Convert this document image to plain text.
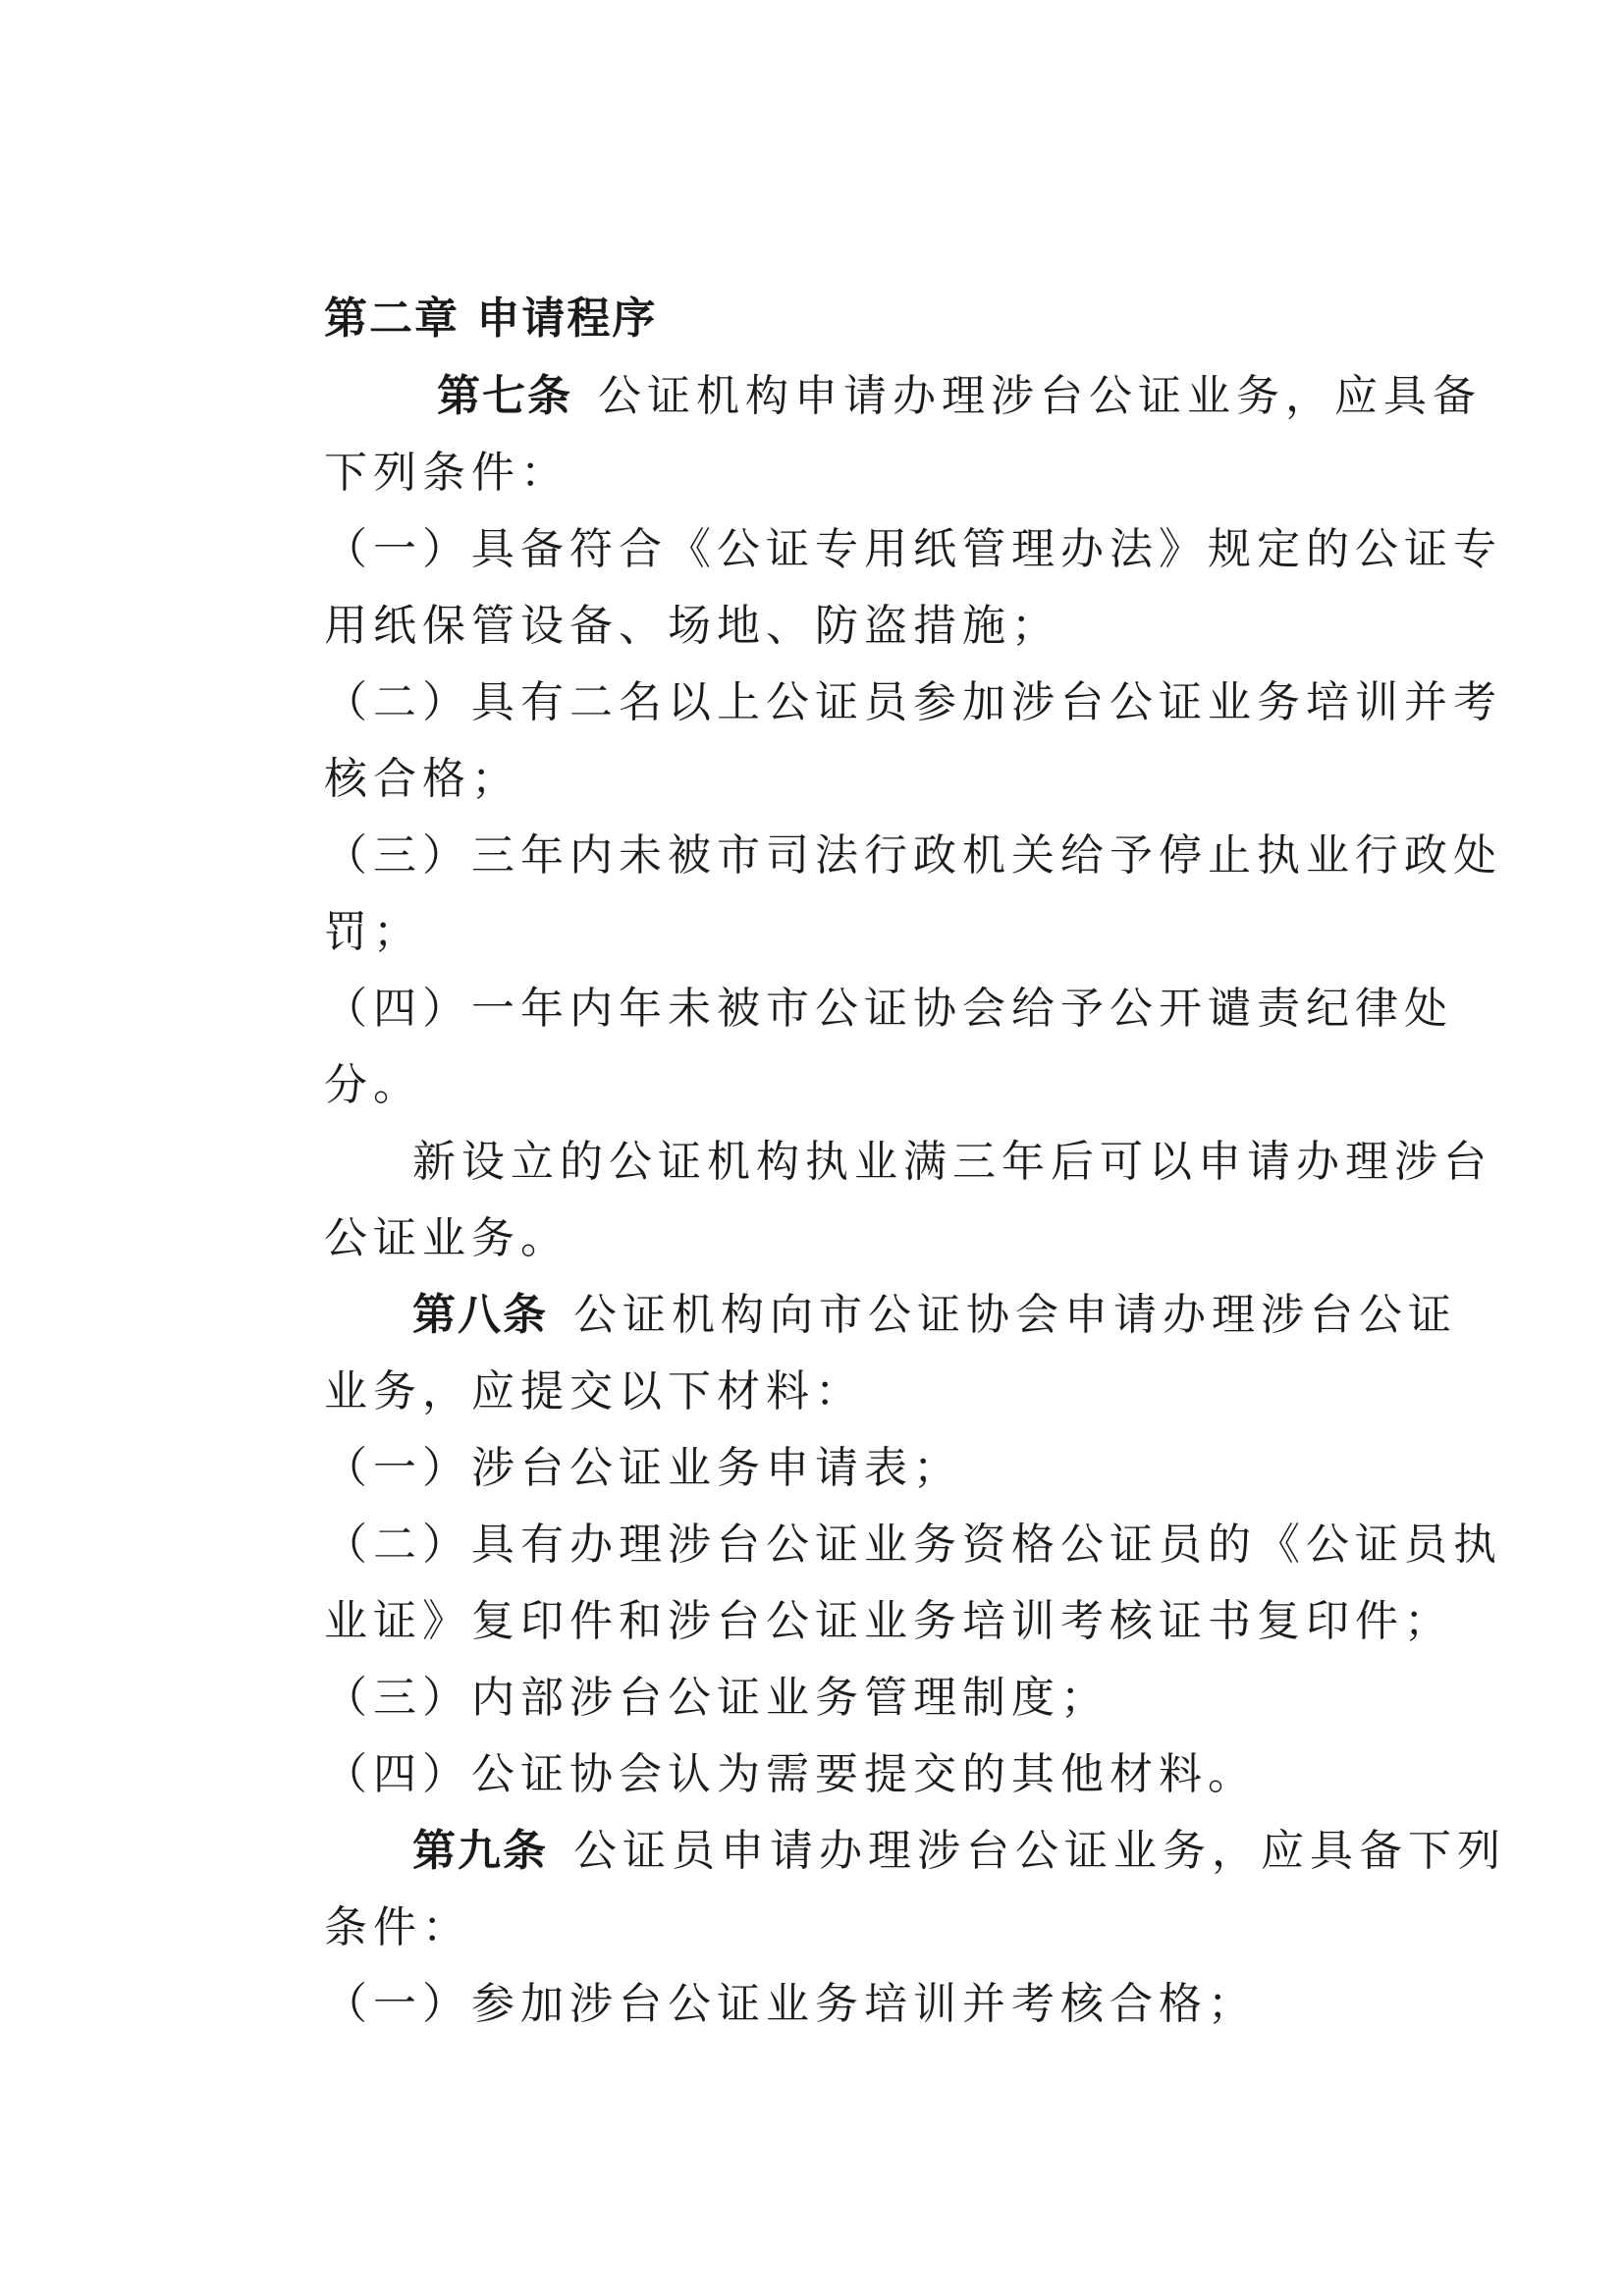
第二章 申请程序
第七条 公证机构申请办理涉台公证业务，应具备
下列条件：
（一）具备符合《公证专用纸管理办法》规定的公证专
用纸保管设备、场地、防盗措施；
（二）具有二名以上公证员参加涉台公证业务培训并考
核合格；
（三）三年内未被市司法行政机关给予停止执业行政处
罚；
（四）一年内年未被市公证协会给予公开谴责纪律处
分。
新设立的公证机构执业满三年后可以申请办理涉台
公证业务。
第八条 公证机构向市公证协会申请办理涉台公证
业务，应提交以下材料：
（一）涉台公证业务申请表；
（二）具有办理涉台公证业务资格公证员的《公证员执
业证》复印件和涉台公证业务培训考核证书复印件；
（三）内部涉台公证业务管理制度；
（四）公证协会认为需要提交的其他材料。
第九条 公证员申请办理涉台公证业务，应具备下列
条件：
（一）参加涉台公证业务培训并考核合格；
